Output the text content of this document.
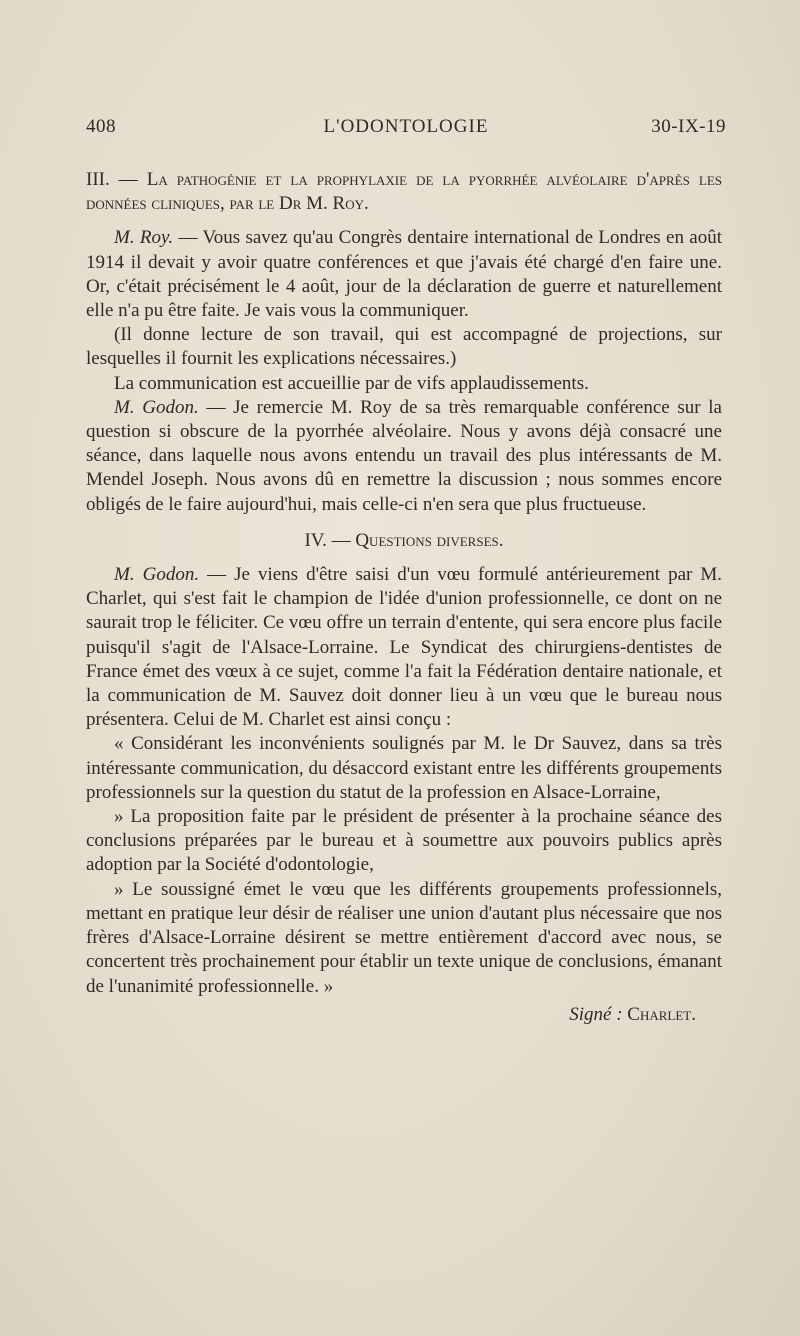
408	L'ODONTOLOGIE	30-IX-19

III. — La pathogénie et la prophylaxie de la pyorrhée alvéolaire d'après les données cliniques, par le Dr M. Roy.

M. Roy. — Vous savez qu'au Congrès dentaire international de Londres en août 1914 il devait y avoir quatre conférences et que j'avais été chargé d'en faire une. Or, c'était précisément le 4 août, jour de la déclaration de guerre et naturellement elle n'a pu être faite. Je vais vous la communiquer.

(Il donne lecture de son travail, qui est accompagné de projections, sur lesquelles il fournit les explications nécessaires.)

La communication est accueillie par de vifs applaudissements.

M. Godon. — Je remercie M. Roy de sa très remarquable conférence sur la question si obscure de la pyorrhée alvéolaire. Nous y avons déjà consacré une séance, dans laquelle nous avons entendu un travail des plus intéressants de M. Mendel Joseph. Nous avons dû en remettre la discussion ; nous sommes encore obligés de le faire aujourd'hui, mais celle-ci n'en sera que plus fructueuse.

IV. — Questions diverses.

M. Godon. — Je viens d'être saisi d'un vœu formulé antérieurement par M. Charlet, qui s'est fait le champion de l'idée d'union professionnelle, ce dont on ne saurait trop le féliciter. Ce vœu offre un terrain d'entente, qui sera encore plus facile puisqu'il s'agit de l'Alsace-Lorraine. Le Syndicat des chirurgiens-dentistes de France émet des vœux à ce sujet, comme l'a fait la Fédération dentaire nationale, et la communication de M. Sauvez doit donner lieu à un vœu que le bureau nous présentera. Celui de M. Charlet est ainsi conçu :

« Considérant les inconvénients soulignés par M. le Dr Sauvez, dans sa très intéressante communication, du désaccord existant entre les différents groupements professionnels sur la question du statut de la profession en Alsace-Lorraine,

» La proposition faite par le président de présenter à la prochaine séance des conclusions préparées par le bureau et à soumettre aux pouvoirs publics après adoption par la Société d'odontologie,

» Le soussigné émet le vœu que les différents groupements professionnels, mettant en pratique leur désir de réaliser une union d'autant plus nécessaire que nos frères d'Alsace-Lorraine désirent se mettre entièrement d'accord avec nous, se concertent très prochainement pour établir un texte unique de conclusions, émanant de l'unanimité professionnelle. »

Signé : Charlet.
